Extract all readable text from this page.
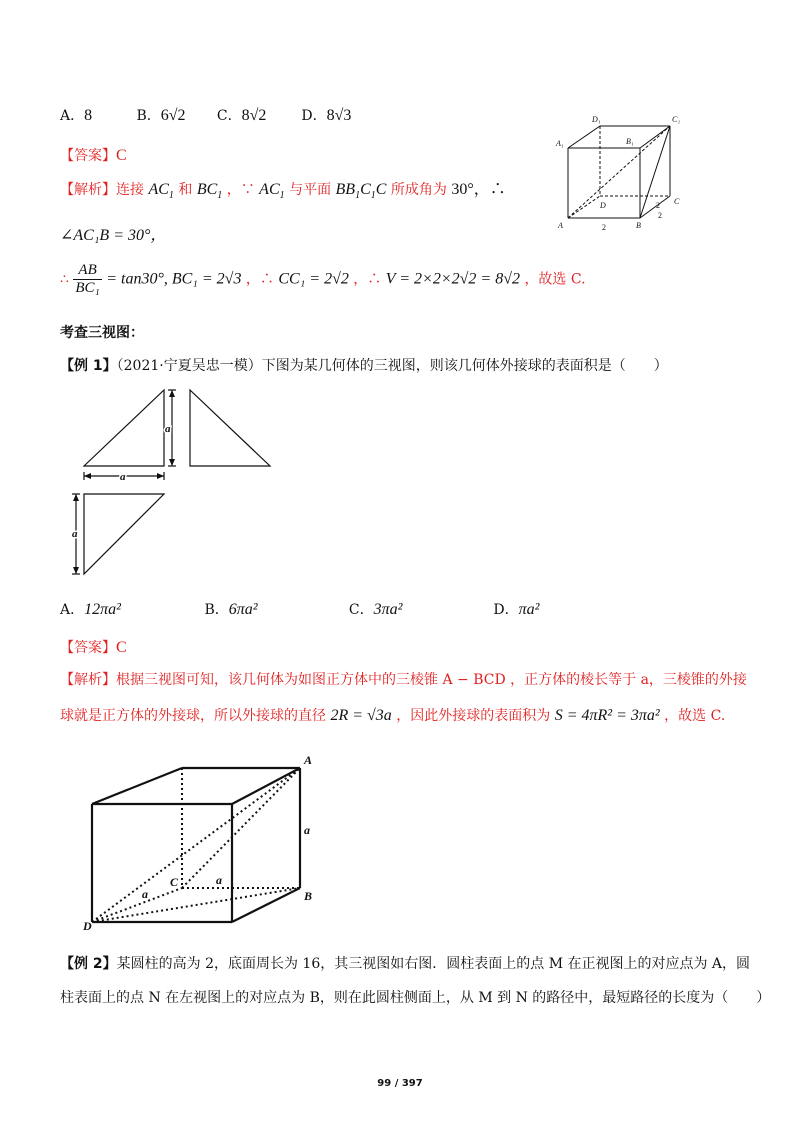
A．8	B．6√2 C．8√2 D．8√3
【答案】C
【解析】连接 $AC_1$ 和 $BC_1$ ，∵ $AC_1$ 与平面 $BB_1C_1C$ 所成角为 30°，∴
∠AC₁B = 30°，
∴ $\frac{AB}{\text{BC₁}} = \tan 30^\circ$, BC₁ = 2√3 ，∴ CC₁ = 2√2 ，∴ V = 2×2×2√2 = 8√2 ，故选 C.
D₁	C₁
A₁	B₁
A	B
C
D
2
2
2
考查三视图：
【例 1】（2021·宁夏吴忠一模）下图为某几何体的三视图，则该几何体外接球的表面积是（　　）
a
a
a
A．12πa²	B．6πa²	C．3πa²	D．πa²
【答案】C
【解析】根据三视图可知，该几何体为如图正方体中的三棱锥 A − BCD ，正方体的棱长等于 a，三棱锥的外接
球就是正方体的外接球，所以外接球的直径 2R = √3a ，因此外接球的表面积为 S = 4πR² = 3πa² ，故选 C.
A
B
C
D
a
a
a
【例 2】某圆柱的高为 2，底面周长为 16，其三视图如右图．圆柱表面上的点 M 在正视图上的对应点为 A，圆
柱表面上的点 N 在左视图上的对应点为 B，则在此圆柱侧面上，从 M 到 N 的路径中，最短路径的长度为（　　）
99 / 397
